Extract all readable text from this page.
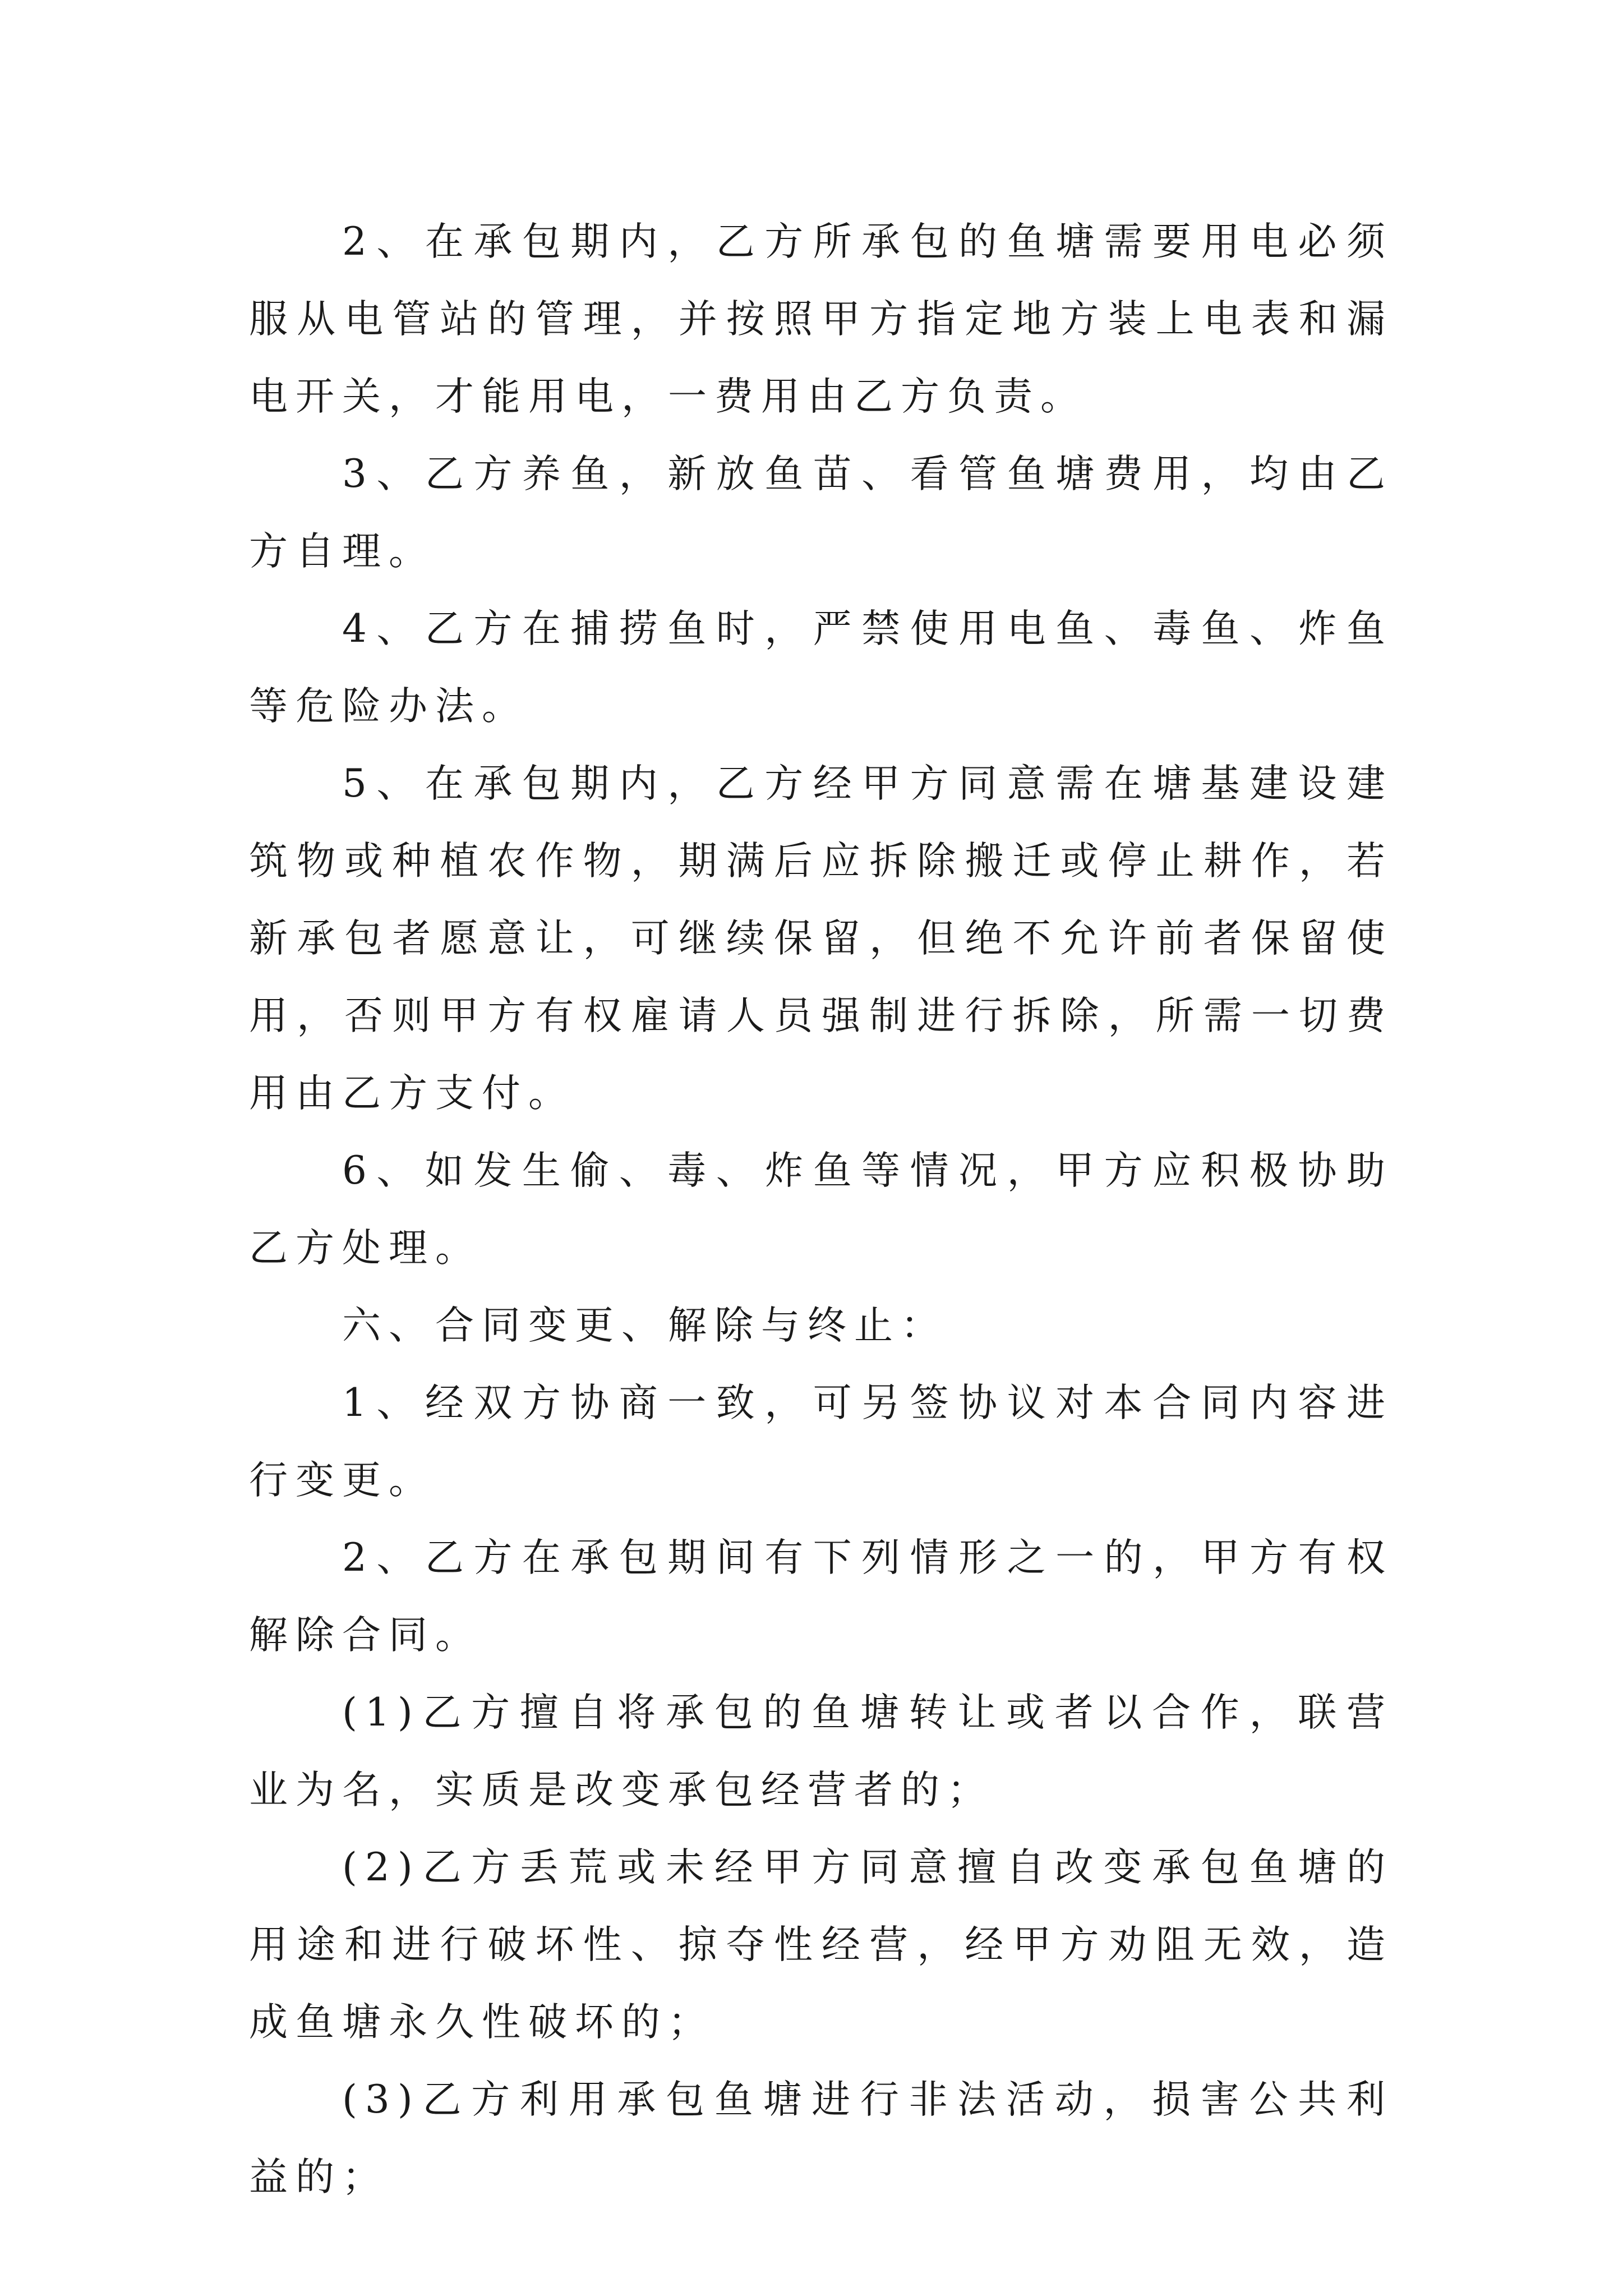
2、在承包期内，乙方所承包的鱼塘需要用电必须服从电管站的管理，并按照甲方指定地方装上电表和漏电开关，才能用电，一费用由乙方负责。

3、乙方养鱼，新放鱼苗、看管鱼塘费用，均由乙方自理。

4、乙方在捕捞鱼时，严禁使用电鱼、毒鱼、炸鱼等危险办法。

5、在承包期内，乙方经甲方同意需在塘基建设建筑物或种植农作物，期满后应拆除搬迁或停止耕作，若新承包者愿意让，可继续保留，但绝不允许前者保留使用，否则甲方有权雇请人员强制进行拆除，所需一切费用由乙方支付。

6、如发生偷、毒、炸鱼等情况，甲方应积极协助乙方处理。

六、合同变更、解除与终止：

1、经双方协商一致，可另签协议对本合同内容进行变更。

2、乙方在承包期间有下列情形之一的，甲方有权解除合同。

(1)乙方擅自将承包的鱼塘转让或者以合作，联营业为名，实质是改变承包经营者的；

(2)乙方丢荒或未经甲方同意擅自改变承包鱼塘的用途和进行破坏性、掠夺性经营，经甲方劝阻无效，造成鱼塘永久性破坏的；

(3)乙方利用承包鱼塘进行非法活动，损害公共利益的；
